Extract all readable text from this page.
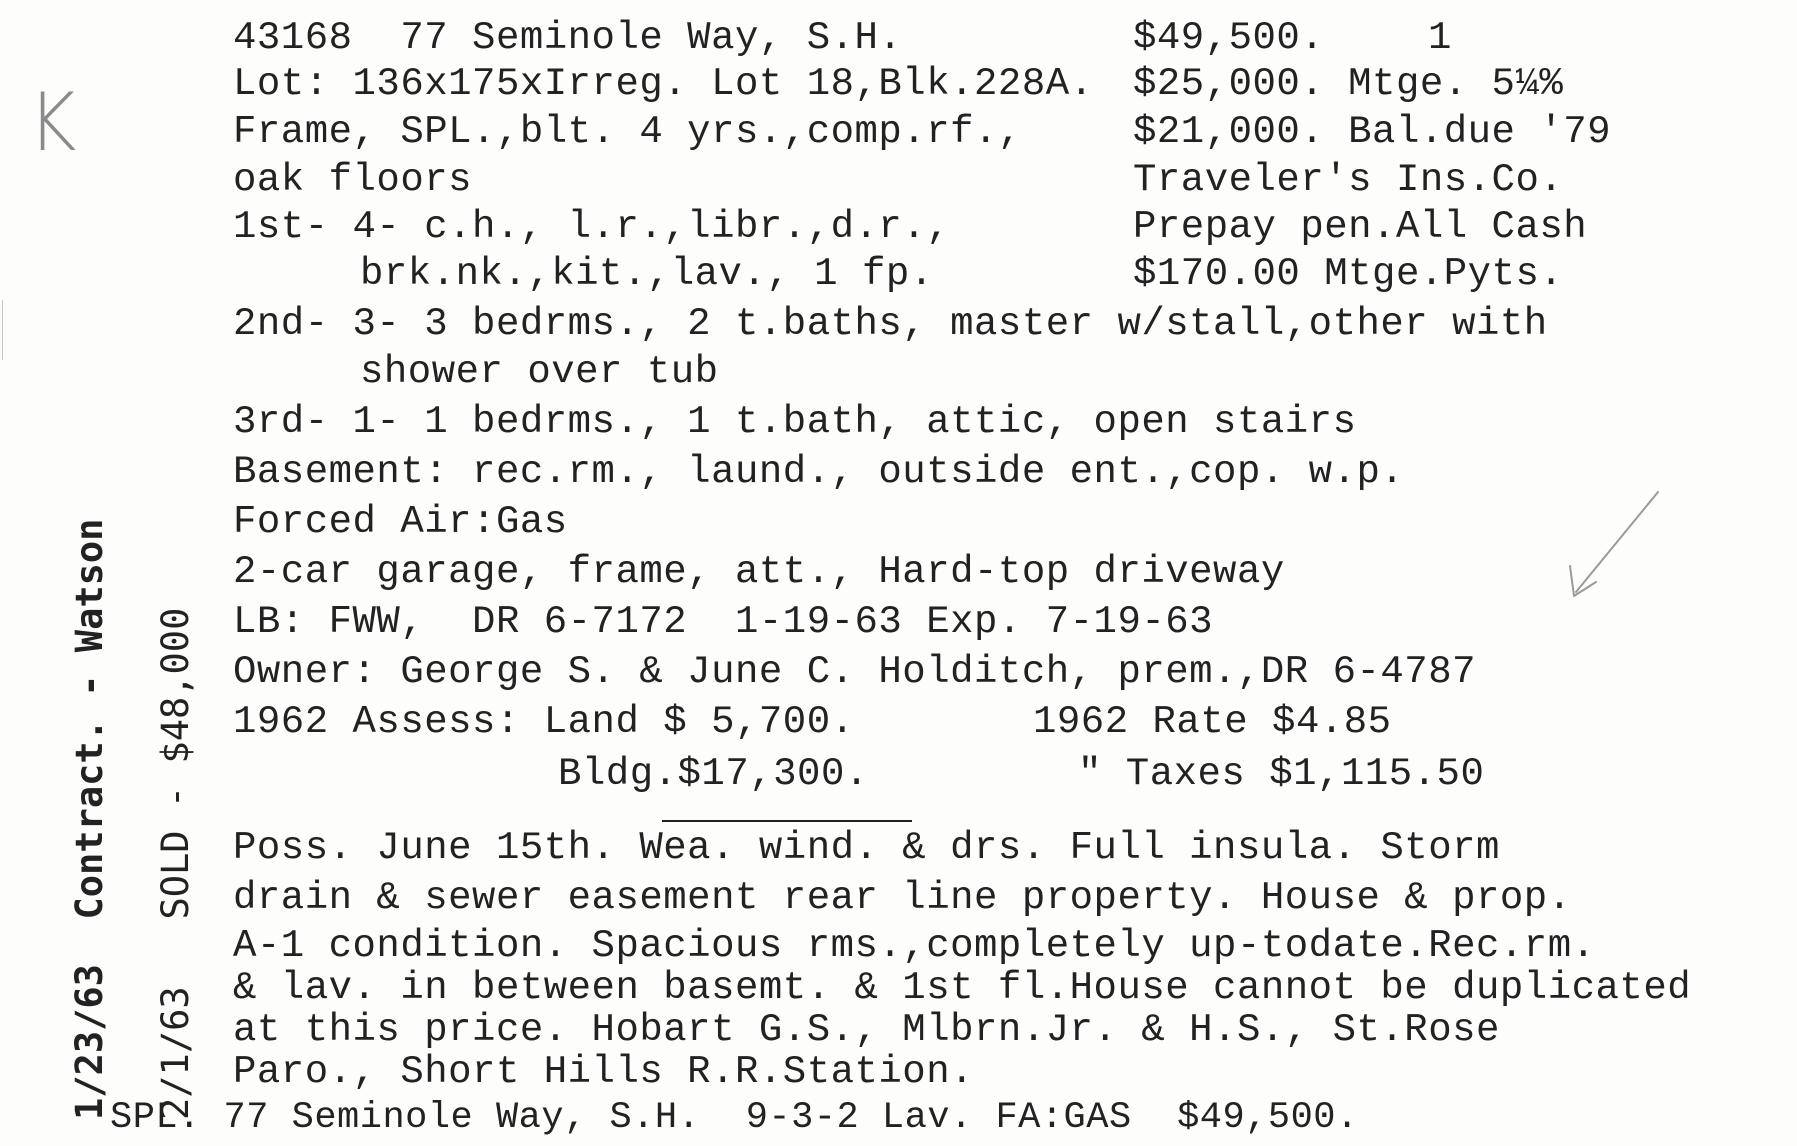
K
43168  77 Seminole Way, S.H.	$49,500.	1
Lot: 136x175xIrreg. Lot 18,Blk.228A. $25,000. Mtge. 5¼%
Frame, SPL.,blt. 4 yrs.,comp.rf.,	$21,000. Bal.due '79
oak floors	Traveler's Ins.Co.
1st- 4- c.h., l.r.,libr.,d.r.,	Prepay pen.All Cash
brk.nk.,kit.,lav., 1 fp.	$170.00 Mtge.Pyts.
2nd- 3- 3 bedrms., 2 t.baths, master w/stall,other with
shower over tub
3rd- 1- 1 bedrms., 1 t.bath, attic, open stairs
Basement: rec.rm., laund., outside ent.,cop. w.p.
Forced Air:Gas
2-car garage, frame, att., Hard-top driveway
LB: FWW,  DR 6-7172  1-19-63 Exp. 7-19-63
Owner: George S. & June C. Holditch, prem.,DR 6-4787
1962 Assess: Land $ 5,700.	1962 Rate $4.85
Bldg.$17,300.	" Taxes $1,115.50
Poss. June 15th. Wea. wind. & drs. Full insula. Storm
drain & sewer easement rear line property. House & prop.
A-1 condition. Spacious rms.,completely up-todate.Rec.rm.
& lav. in between basemt. & 1st fl.House cannot be duplicated
at this price. Hobart G.S., Mlbrn.Jr. & H.S., St.Rose
Paro., Short Hills R.R.Station.
SPL. 77 Seminole Way, S.H.  9-3-2 Lav. FA:GAS  $49,500.

1/23/63  Contract. - Watson

2/1/63   SOLD - $48,000
